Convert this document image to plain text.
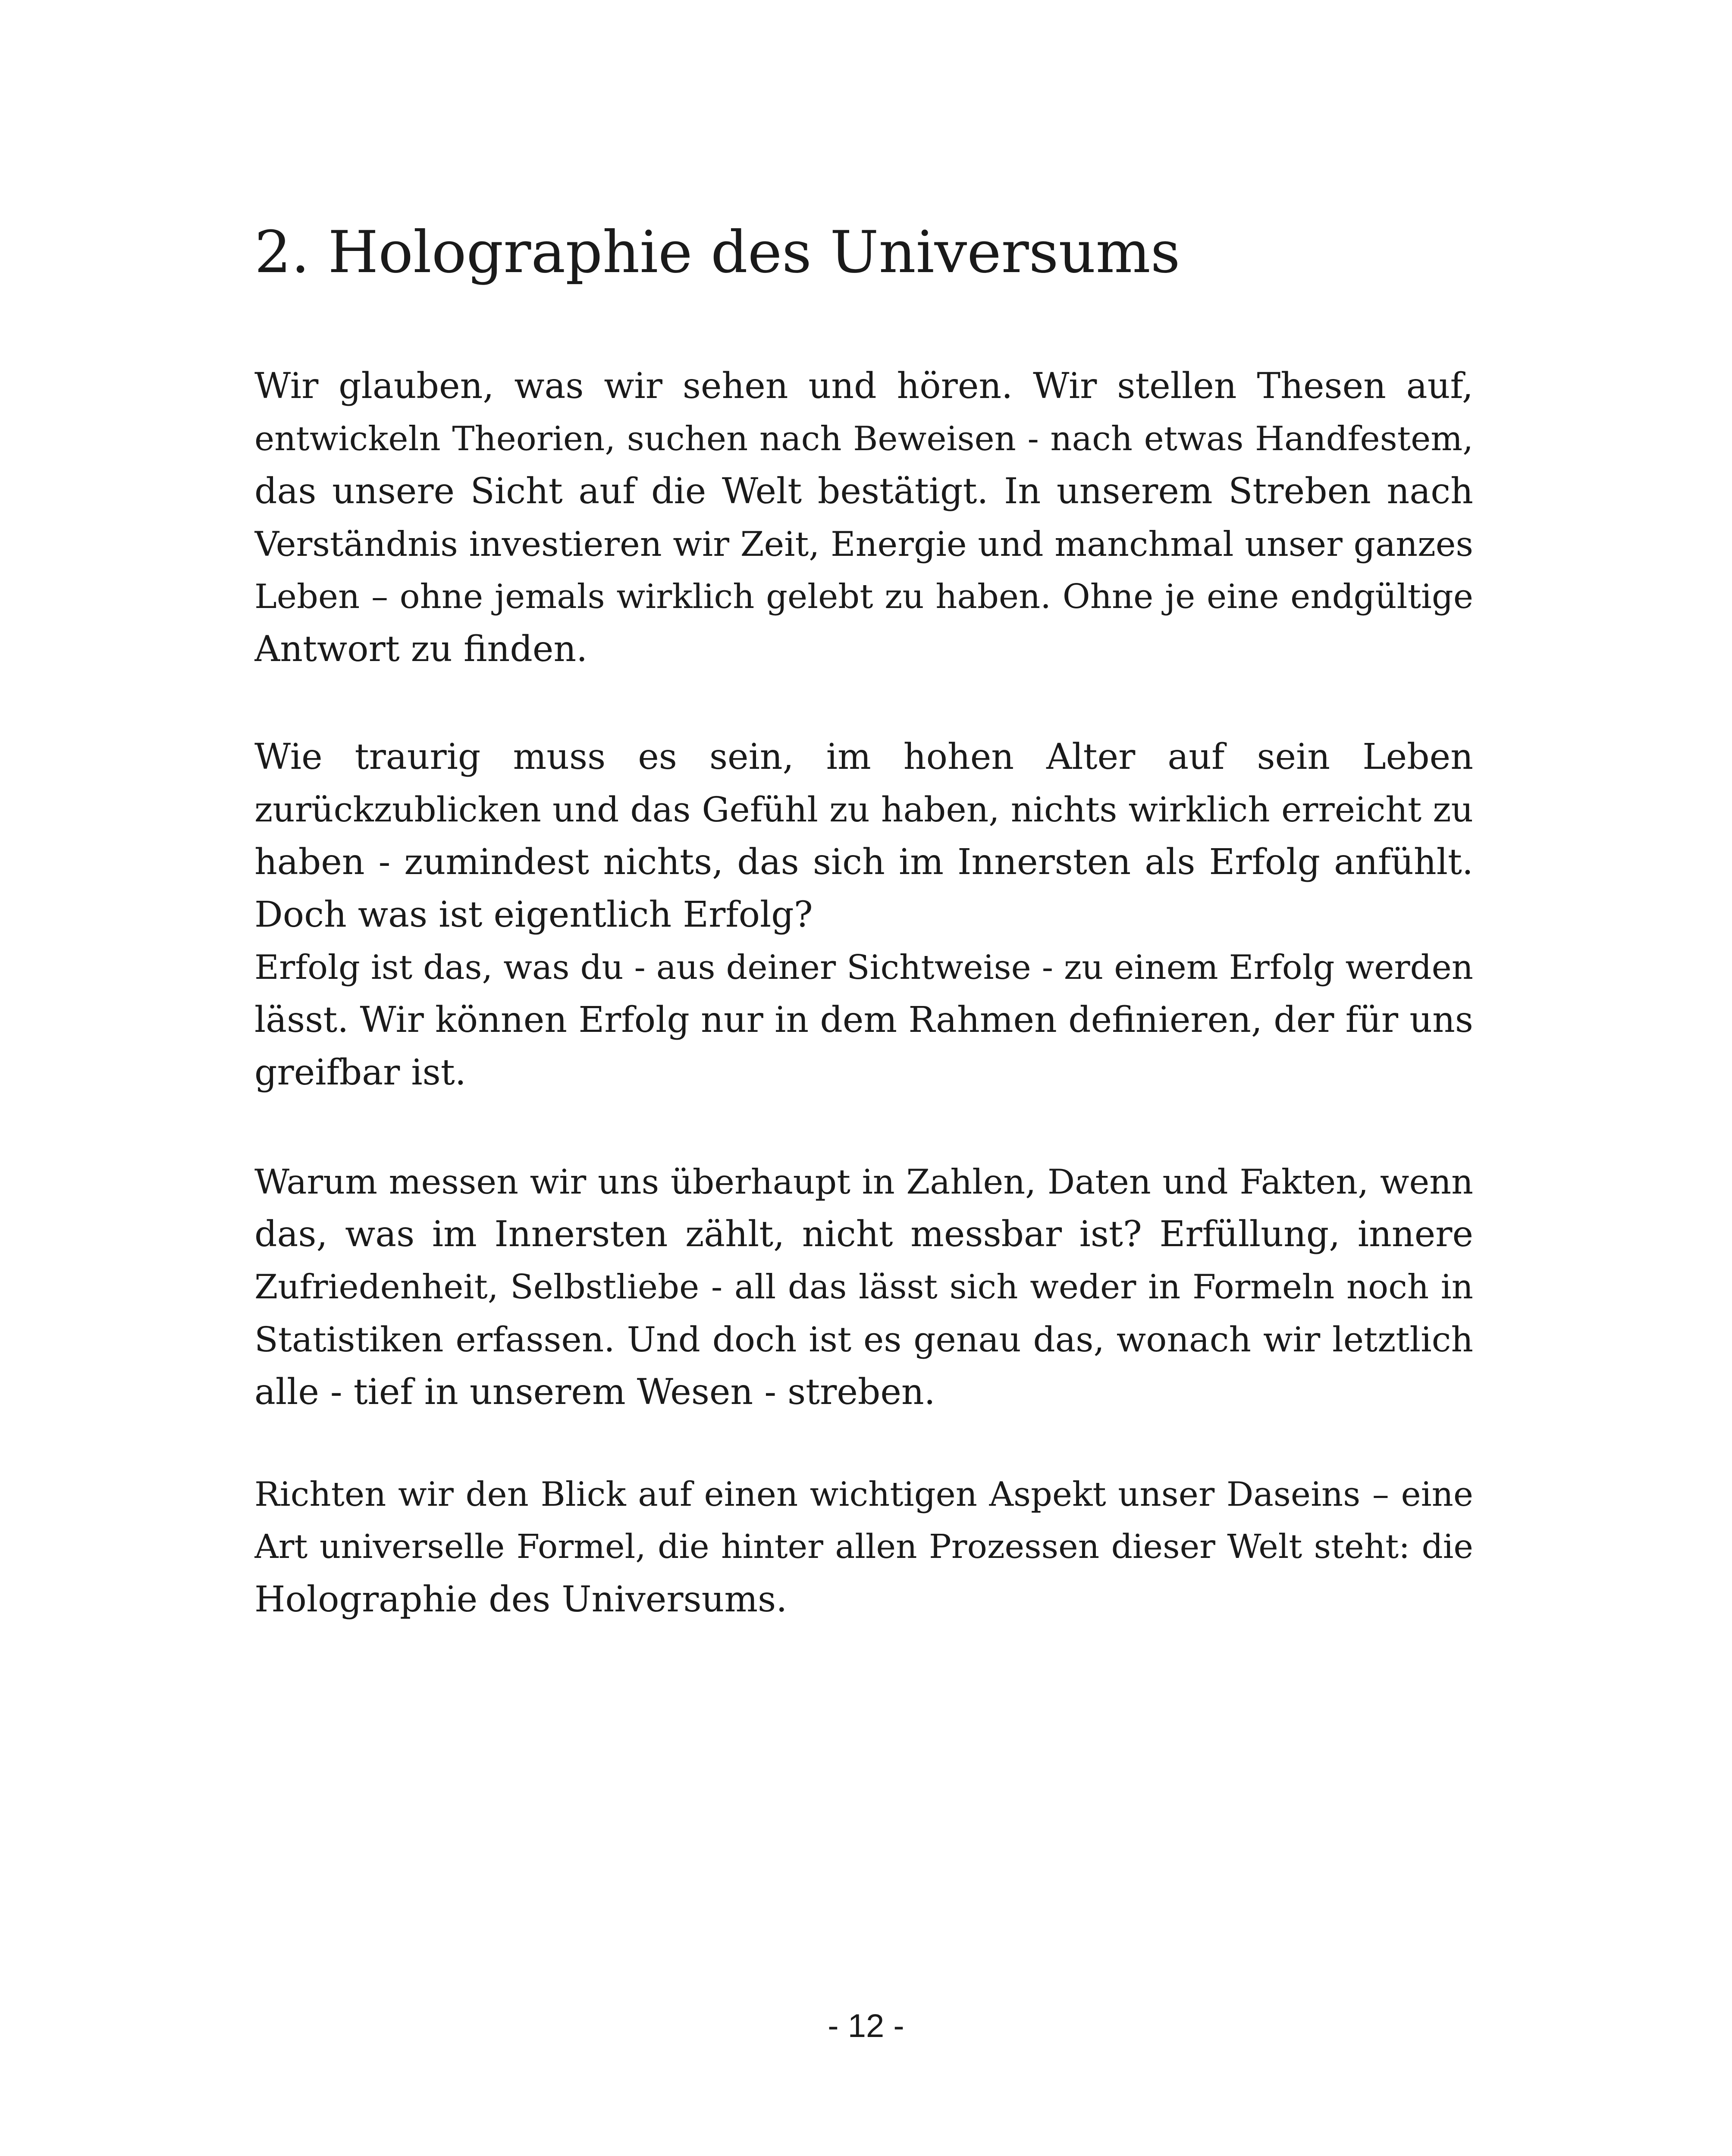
2. Holographie des Universums
Wir glauben, was wir sehen und hören. Wir stellen Thesen auf,
entwickeln Theorien, suchen nach Beweisen - nach etwas Handfestem,
das unsere Sicht auf die Welt bestätigt. In unserem Streben nach
Verständnis investieren wir Zeit, Energie und manchmal unser ganzes
Leben – ohne jemals wirklich gelebt zu haben. Ohne je eine endgültige
Antwort zu finden.
Wie traurig muss es sein, im hohen Alter auf sein Leben
zurückzublicken und das Gefühl zu haben, nichts wirklich erreicht zu
haben - zumindest nichts, das sich im Innersten als Erfolg anfühlt.
Doch was ist eigentlich Erfolg?
Erfolg ist das, was du - aus deiner Sichtweise - zu einem Erfolg werden
lässt. Wir können Erfolg nur in dem Rahmen definieren, der für uns
greifbar ist.
Warum messen wir uns überhaupt in Zahlen, Daten und Fakten, wenn
das, was im Innersten zählt, nicht messbar ist? Erfüllung, innere
Zufriedenheit, Selbstliebe - all das lässt sich weder in Formeln noch in
Statistiken erfassen. Und doch ist es genau das, wonach wir letztlich
alle - tief in unserem Wesen - streben.
Richten wir den Blick auf einen wichtigen Aspekt unser Daseins – eine
Art universelle Formel, die hinter allen Prozessen dieser Welt steht: die
Holographie des Universums.
- 12 -
